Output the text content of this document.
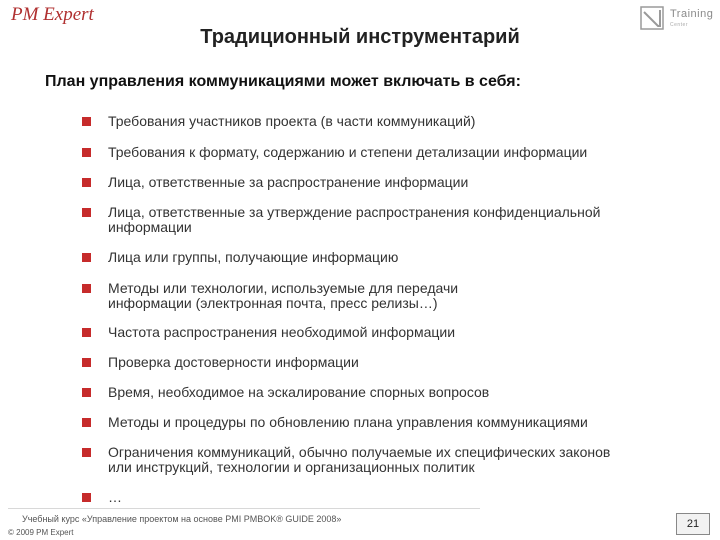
PM Expert	Training
Center
Традиционный инструментарий
План управления коммуникациями может включать в себя:
Требования участников проекта (в части коммуникаций)
Требования к формату, содержанию и степени детализации информации
Лица, ответственные за распространение информации
Лица, ответственные за утверждение распространения конфиденциальной информации
Лица или группы, получающие информацию
Методы или технологии, используемые для передачи информации (электронная почта, пресс релизы…)
Частота распространения необходимой информации
Проверка достоверности информации
Время, необходимое на эскалирование спорных вопросов
Методы и процедуры по обновлению плана управления коммуникациями
Ограничения коммуникаций, обычно получаемые их специфических законов или инструкций, технологии и организационных политик
…
Учебный курс «Управление проектом на основе PMI PMBOK® GUIDE 2008»
© 2009 PM Expert
21
